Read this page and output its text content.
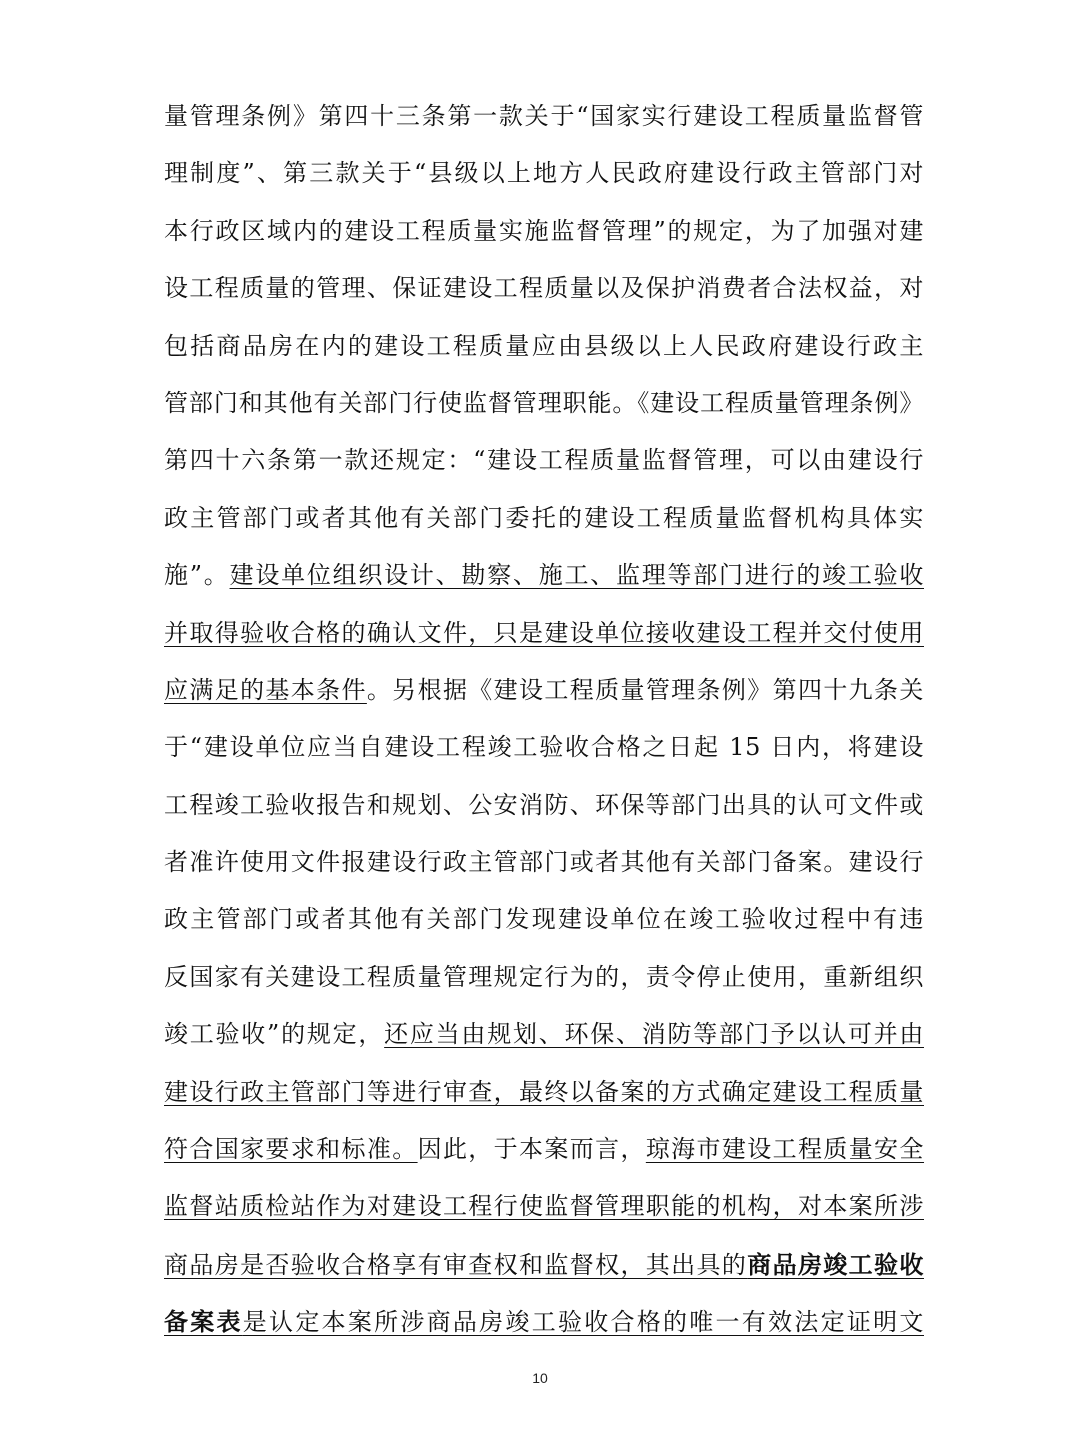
量管理条例》第四十三条第一款关于“国家实行建设工程质量监督管
理制度”、第三款关于“县级以上地方人民政府建设行政主管部门对
本行政区域内的建设工程质量实施监督管理”的规定，为了加强对建
设工程质量的管理、保证建设工程质量以及保护消费者合法权益，对
包括商品房在内的建设工程质量应由县级以上人民政府建设行政主
管部门和其他有关部门行使监督管理职能。《建设工程质量管理条例》
第四十六条第一款还规定：“建设工程质量监督管理，可以由建设行
政主管部门或者其他有关部门委托的建设工程质量监督机构具体实
施”。建设单位组织设计、勘察、施工、监理等部门进行的竣工验收
并取得验收合格的确认文件，只是建设单位接收建设工程并交付使用
应满足的基本条件。另根据《建设工程质量管理条例》第四十九条关
于“建设单位应当自建设工程竣工验收合格之日起 15 日内，将建设
工程竣工验收报告和规划、公安消防、环保等部门出具的认可文件或
者准许使用文件报建设行政主管部门或者其他有关部门备案。建设行
政主管部门或者其他有关部门发现建设单位在竣工验收过程中有违
反国家有关建设工程质量管理规定行为的，责令停止使用，重新组织
竣工验收”的规定，还应当由规划、环保、消防等部门予以认可并由
建设行政主管部门等进行审查，最终以备案的方式确定建设工程质量
符合国家要求和标准。因此，于本案而言，琼海市建设工程质量安全
监督站质检站作为对建设工程行使监督管理职能的机构，对本案所涉
商品房是否验收合格享有审查权和监督权，其出具的商品房竣工验收
备案表是认定本案所涉商品房竣工验收合格的唯一有效法定证明文
10
